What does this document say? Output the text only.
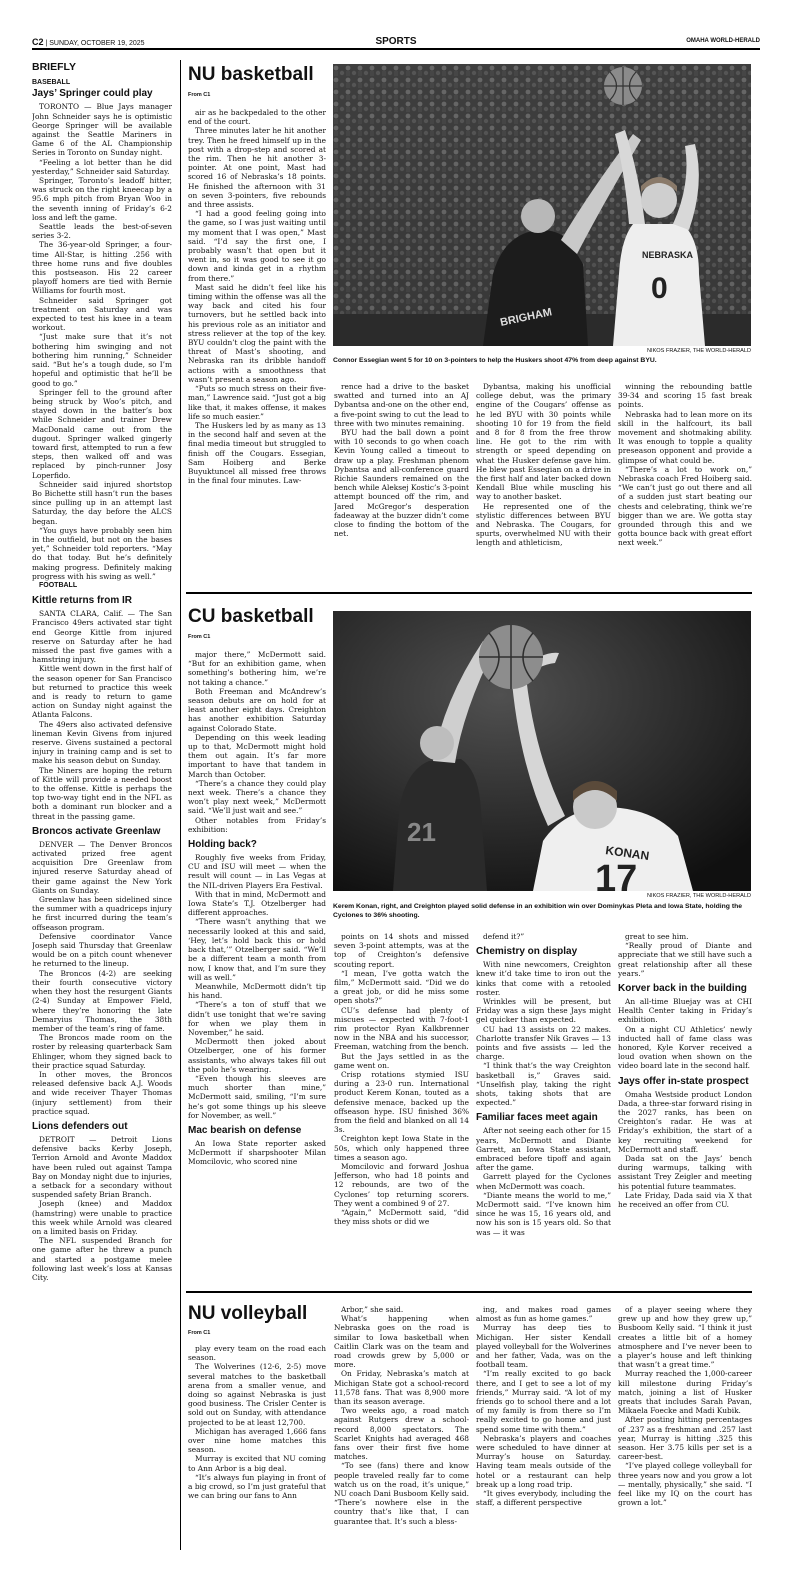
C2 | SUNDAY, OCTOBER 19, 2025	SPORTS	OMAHA WORLD-HERALD
BRIEFLY
BASEBALL
Jays’ Springer could play

TORONTO — Blue Jays manager John Schneider says he is optimistic George Springer will be available against the Seattle Mariners in Game 6 of the AL Championship Series in Toronto on Sunday night.

“Feeling a lot better than he did yesterday,” Schneider said Saturday.

Springer, Toronto’s leadoff hitter, was struck on the right kneecap by a 95.6 mph pitch from Bryan Woo in the seventh inning of Friday’s 6-2 loss and left the game.

Seattle leads the best-of-seven series 3-2.

The 36-year-old Springer, a four-time All-Star, is hitting .256 with three home runs and five doubles this postseason. His 22 career playoff homers are tied with Bernie Williams for fourth most.

Schneider said Springer got treatment on Saturday and was expected to test his knee in a team workout.

“Just make sure that it’s not bothering him swinging and not bothering him running,” Schneider said. “But he’s a tough dude, so I’m hopeful and optimistic that he’ll be good to go.”

Springer fell to the ground after being struck by Woo’s pitch, and stayed down in the batter’s box while Schneider and trainer Drew MacDonald came out from the dugout. Springer walked gingerly toward first, attempted to run a few steps, then walked off and was replaced by pinch-runner Josy Loperfido.

Schneider said injured shortstop Bo Bichette still hasn’t run the bases since pulling up in an attempt last Saturday, the day before the ALCS began.

“You guys have probably seen him in the outfield, but not on the bases yet,” Schneider told reporters. “May do that today. But he’s definitely making progress. Definitely making progress with his swing as well.”

FOOTBALL
Kittle returns from IR

SANTA CLARA, Calif. — The San Francisco 49ers activated star tight end George Kittle from injured reserve on Saturday after he had missed the past five games with a hamstring injury.

Kittle went down in the first half of the season opener for San Francisco but returned to practice this week and is ready to return to game action on Sunday night against the Atlanta Falcons.

The 49ers also activated defensive lineman Kevin Givens from injured reserve. Givens sustained a pectoral injury in training camp and is set to make his season debut on Sunday.

The Niners are hoping the return of Kittle will provide a needed boost to the offense. Kittle is perhaps the top two-way tight end in the NFL as both a dominant run blocker and a threat in the passing game.

Broncos activate Greenlaw

DENVER — The Denver Broncos activated prized free agent acquisition Dre Greenlaw from injured reserve Saturday ahead of their game against the New York Giants on Sunday.

Greenlaw has been sidelined since the summer with a quadriceps injury he first incurred during the team’s offseason program.

Defensive coordinator Vance Joseph said Thursday that Greenlaw would be on a pitch count whenever he returned to the lineup.

The Broncos (4-2) are seeking their fourth consecutive victory when they host the resurgent Giants (2-4) Sunday at Empower Field, where they’re honoring the late Demaryius Thomas, the 38th member of the team’s ring of fame.

The Broncos made room on the roster by releasing quarterback Sam Ehlinger, whom they signed back to their practice squad Saturday.

In other moves, the Broncos released defensive back A.J. Woods and wide receiver Thayer Thomas (injury settlement) from their practice squad.

Lions defenders out

DETROIT — Detroit Lions defensive backs Kerby Joseph, Terrion Arnold and Avonte Maddox have been ruled out against Tampa Bay on Monday night due to injuries, a setback for a secondary without suspended safety Brian Branch.

Joseph (knee) and Maddox (hamstring) were unable to practice this week while Arnold was cleared on a limited basis on Friday.

The NFL suspended Branch for one game after he threw a punch and started a postgame melee following last week’s loss at Kansas City.

NU basketball
From C1

air as he backpedaled to the other end of the court.

Three minutes later he hit another trey. Then he freed himself up in the post with a drop-step and scored at the rim. Then he hit another 3-pointer. At one point, Mast had scored 16 of Nebraska’s 18 points. He finished the afternoon with 31 on seven 3-pointers, five rebounds and three assists.

“I had a good feeling going into the game, so I was just waiting until my moment that I was open,” Mast said. “I’d say the first one, I probably wasn’t that open but it went in, so it was good to see it go down and kinda get in a rhythm from there.”

Mast said he didn’t feel like his timing within the offense was all the way back and cited his four turnovers, but he settled back into his previous role as an initiator and stress reliever at the top of the key. BYU couldn’t clog the paint with the threat of Mast’s shooting, and Nebraska ran its dribble handoff actions with a smoothness that wasn’t present a season ago.

“Puts so much stress on their five-man,” Lawrence said. “Just got a big like that, it makes offense, it makes life so much easier.”

The Huskers led by as many as 13 in the second half and seven at the final media timeout but struggled to finish off the Cougars. Essegian, Sam Hoiberg and Berke Buyuktuncel all missed free throws in the final four minutes. Law-

BRIGHAM
NEBRASKA
0
NIKOS FRAZIER, THE WORLD-HERALD
Connor Essegian went 5 for 10 on 3-pointers to help the Huskers shoot 47% from deep against BYU.

rence had a drive to the basket swatted and turned into an AJ Dybantsa and-one on the other end, a five-point swing to cut the lead to three with two minutes remaining.

BYU had the ball down a point with 10 seconds to go when coach Kevin Young called a timeout to draw up a play. Freshman phenom Dybantsa and all-conference guard Richie Saunders remained on the bench while Aleksej Kostic’s 3-point attempt bounced off the rim, and Jared McGregor’s desperation fadeaway at the buzzer didn’t come close to finding the bottom of the net.

Dybantsa, making his unofficial college debut, was the primary engine of the Cougars’ offense as he led BYU with 30 points while shooting 10 for 19 from the field and 8 for 8 from the free throw line. He got to the rim with strength or speed depending on what the Husker defense gave him. He blew past Essegian on a drive in the first half and later backed down Kendall Blue while muscling his way to another basket.

He represented one of the stylistic differences between BYU and Nebraska. The Cougars, for spurts, overwhelmed NU with their length and athleticism,

winning the rebounding battle 39-34 and scoring 15 fast break points.

Nebraska had to lean more on its skill in the halfcourt, its ball movement and shotmaking ability. It was enough to topple a quality preseason opponent and provide a glimpse of what could be.

“There’s a lot to work on,” Nebraska coach Fred Hoiberg said. “We can’t just go out there and all of a sudden just start beating our chests and celebrating, think we’re bigger than we are. We gotta stay grounded through this and we gotta bounce back with great effort next week.”

CU basketball
From C1

major there,” McDermott said. “But for an exhibition game, when something’s bothering him, we’re not taking a chance.”

Both Freeman and McAndrew’s season debuts are on hold for at least another eight days. Creighton has another exhibition Saturday against Colorado State.

Depending on this week leading up to that, McDermott might hold them out again. It’s far more important to have that tandem in March than October.

“There’s a chance they could play next week. There’s a chance they won’t play next week,” McDermott said. “We’ll just wait and see.”

Other notables from Friday’s exhibition:

Holding back?

Roughly five weeks from Friday, CU and ISU will meet — when the result will count — in Las Vegas at the NIL-driven Players Era Festival.

With that in mind, McDermott and Iowa State’s T.J. Otzelberger had different approaches.

“There wasn’t anything that we necessarily looked at this and said, ‘Hey, let’s hold back this or hold back that,’” Otzelberger said. “We’ll be a different team a month from now, I know that, and I’m sure they will as well.”

Meanwhile, McDermott didn’t tip his hand.

“There’s a ton of stuff that we didn’t use tonight that we’re saving for when we play them in November,” he said.

McDermott then joked about Otzelberger, one of his former assistants, who always takes fill out the polo he’s wearing.

“Even though his sleeves are much shorter than mine,” McDermott said, smiling, “I’m sure he’s got some things up his sleeve for November, as well.”

Mac bearish on defense

An Iowa State reporter asked McDermott if sharpshooter Milan Momcilovic, who scored nine

21
KONAN
17	NIKOS FRAZIER, THE WORLD-HERALD
Kerem Konan, right, and Creighton played solid defense in an exhibition win over Dominykas Pleta and Iowa State, holding the Cyclones to 36% shooting.

points on 14 shots and missed seven 3-point attempts, was at the top of Creighton’s defensive scouting report.

“I mean, I’ve gotta watch the film,” McDermott said. “Did we do a great job, or did he miss some open shots?”

CU’s defense had plenty of miscues — expected with 7-foot-1 rim protector Ryan Kalkbrenner now in the NBA and his successor, Freeman, watching from the bench.

But the Jays settled in as the game went on.

Crisp rotations stymied ISU during a 23-0 run. International product Kerem Konan, touted as a defensive menace, backed up the offseason hype. ISU finished 36% from the field and blanked on all 14 3s.

Creighton kept Iowa State in the 50s, which only happened three times a season ago.

Momcilovic and forward Joshua Jefferson, who had 18 points and 12 rebounds, are two of the Cyclones’ top returning scorers. They went a combined 9 of 27.

“Again,” McDermott said, “did they miss shots or did we

defend it?”

Chemistry on display

With nine newcomers, Creighton knew it’d take time to iron out the kinks that come with a retooled roster.

Wrinkles will be present, but Friday was a sign these Jays might gel quicker than expected.

CU had 13 assists on 22 makes. Charlotte transfer Nik Graves — 13 points and five assists — led the charge.

“I think that’s the way Creighton basketball is,” Graves said. “Unselfish play, taking the right shots, taking shots that are expected.”

Familiar faces meet again

After not seeing each other for 15 years, McDermott and Diante Garrett, an Iowa State assistant, embraced before tipoff and again after the game.

Garrett played for the Cyclones when McDermott was coach.

“Diante means the world to me,” McDermott said. “I’ve known him since he was 15, 16 years old, and now his son is 15 years old. So that was — it was

great to see him.

“Really proud of Diante and appreciate that we still have such a great relationship after all these years.”

Korver back in the building

An all-time Bluejay was at CHI Health Center taking in Friday’s exhibition.

On a night CU Athletics’ newly inducted hall of fame class was honored, Kyle Korver received a loud ovation when shown on the video board late in the second half.

Jays offer in-state prospect

Omaha Westside product London Dada, a three-star forward rising in the 2027 ranks, has been on Creighton’s radar. He was at Friday’s exhibition, the start of a key recruiting weekend for McDermott and staff.

Dada sat on the Jays’ bench during warmups, talking with assistant Trey Zeigler and meeting his potential future teammates.

Late Friday, Dada said via X that he received an offer from CU.

NU volleyball
From C1

play every team on the road each season.

The Wolverines (12-6, 2-5) move several matches to the basketball arena from a smaller venue, and doing so against Nebraska is just good business. The Crisler Center is sold out on Sunday, with attendance projected to be at least 12,700.

Michigan has averaged 1,666 fans over nine home matches this season.

Murray is excited that NU coming to Ann Arbor is a big deal.

“It’s always fun playing in front of a big crowd, so I’m just grateful that we can bring our fans to Ann

Arbor,” she said.

What’s happening when Nebraska goes on the road is similar to Iowa basketball when Caitlin Clark was on the team and road crowds grew by 5,000 or more.

On Friday, Nebraska’s match at Michigan State got a school-record 11,578 fans. That was 8,900 more than its season average.

Two weeks ago, a road match against Rutgers drew a school-record 8,000 spectators. The Scarlet Knights had averaged 468 fans over their first five home matches.

“To see (fans) there and know people traveled really far to come watch us on the road, it’s unique,” NU coach Dani Busboom Kelly said. “There’s nowhere else in the country that’s like that, I can guarantee that. It’s such a bless-

ing, and makes road games almost as fun as home games.”

Murray has deep ties to Michigan. Her sister Kendall played volleyball for the Wolverines and her father, Vada, was on the football team.

“I’m really excited to go back there, and I get to see a lot of my friends,” Murray said. “A lot of my friends go to school there and a lot of my family is from there so I’m really excited to go home and just spend some time with them.”

Nebraska’s players and coaches were scheduled to have dinner at Murray’s house on Saturday. Having team meals outside of the hotel or a restaurant can help break up a long road trip.

“It gives everybody, including the staff, a different perspective

of a player seeing where they grew up and how they grew up,” Busboom Kelly said. “I think it just creates a little bit of a homey atmosphere and I’ve never been to a player’s house and left thinking that wasn’t a great time.”

Murray reached the 1,000-career kill milestone during Friday’s match, joining a list of Husker greats that includes Sarah Pavan, Mikaela Foecke and Madi Kubik.

After posting hitting percentages of .237 as a freshman and .257 last year, Murray is hitting .325 this season. Her 3.75 kills per set is a career-best.

“I’ve played college volleyball for three years now and you grow a lot — mentally, physically,” she said. “I feel like my IQ on the court has grown a lot.”
